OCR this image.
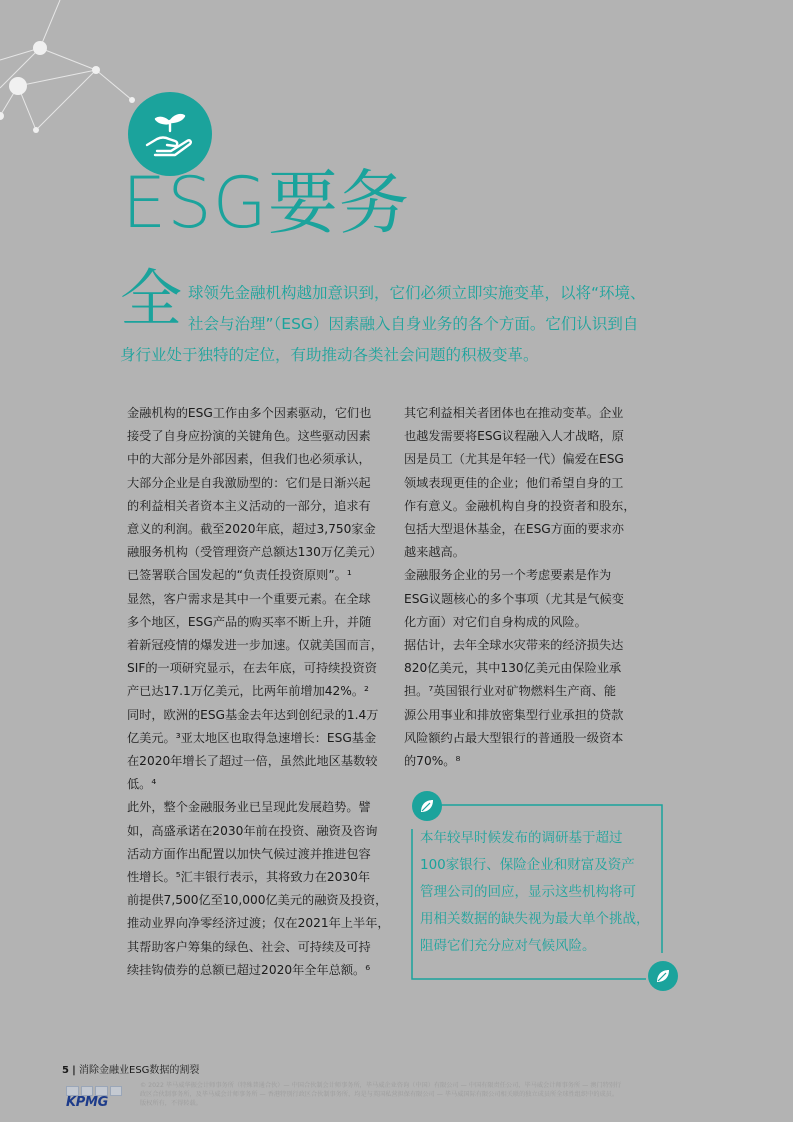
ESG要务
全 球领先金融机构越加意识到，它们必须立即实施变革，以将“环境、
社会与治理”（ESG）因素融入自身业务的各个方面。它们认识到自
身行业处于独特的定位，有助推动各类社会问题的积极变革。
金融机构的ESG工作由多个因素驱动，它们也
接受了自身应扮演的关键角色。这些驱动因素
中的大部分是外部因素，但我们也必须承认，
大部分企业是自我激励型的：它们是日渐兴起
的利益相关者资本主义活动的一部分，追求有
意义的利润。截至2020年底，超过3,750家金
融服务机构（受管理资产总额达130万亿美元）
已签署联合国发起的“负责任投资原则”。¹
显然，客户需求是其中一个重要元素。在全球
多个地区，ESG产品的购买率不断上升，并随
着新冠疫情的爆发进一步加速。仅就美国而言，
SIF的一项研究显示，在去年底，可持续投资资
产已达17.1万亿美元，比两年前增加42%。²
同时，欧洲的ESG基金去年达到创纪录的1.4万
亿美元。³亚太地区也取得急速增长：ESG基金
在2020年增长了超过一倍，虽然此地区基数较
低。⁴
此外，整个金融服务业已呈现此发展趋势。譬
如，高盛承诺在2030年前在投资、融资及咨询
活动方面作出配置以加快气候过渡并推进包容
性增长。⁵汇丰银行表示，其将致力在2030年
前提供7,500亿至10,000亿美元的融资及投资，
推动业界向净零经济过渡；仅在2021年上半年，
其帮助客户筹集的绿色、社会、可持续及可持
续挂钩债券的总额已超过2020年全年总额。⁶
其它利益相关者团体也在推动变革。企业
也越发需要将ESG议程融入人才战略，原
因是员工（尤其是年轻一代）偏爱在ESG
领域表现更佳的企业；他们希望自身的工
作有意义。金融机构自身的投资者和股东，
包括大型退休基金，在ESG方面的要求亦
越来越高。
金融服务企业的另一个考虑要素是作为
ESG议题核心的多个事项（尤其是气候变
化方面）对它们自身构成的风险。
据估计，去年全球水灾带来的经济损失达
820亿美元，其中130亿美元由保险业承
担。⁷英国银行业对矿物燃料生产商、能
源公用事业和排放密集型行业承担的贷款
风险额约占最大型银行的普通股一级资本
的70%。⁸
本年较早时候发布的调研基于超过
100家银行、保险企业和财富及资产
管理公司的回应，显示这些机构将可
用相关数据的缺失视为最大单个挑战，
阻碍它们充分应对气候风险。
5 | 消除金融业ESG数据的割裂
KPMG
© 2022 毕马威华振会计师事务所（特殊普通合伙）— 中国合伙制会计师事务所，毕马威企业咨询（中国）有限公司 — 中国有限责任公司，毕马威会计师事务所 — 澳门特别行
政区合伙制事务所，及毕马威会计师事务所 — 香港特别行政区合伙制事务所，均是与英国私营担保有限公司 — 毕马威国际有限公司相关联的独立成员所全球性组织中的成员。
版权所有，不得转载。
